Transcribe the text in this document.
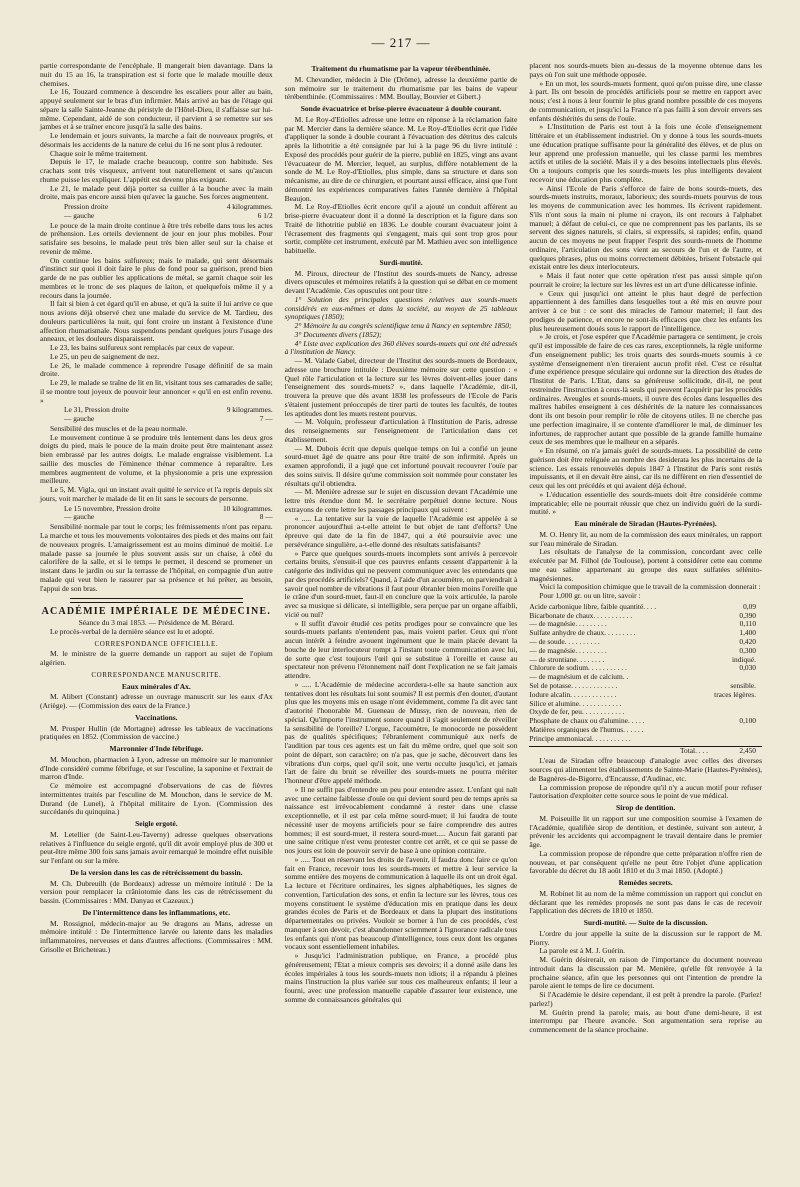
— 217 —

partie correspondante de l'encéphale. Il mangerait bien davantage. Dans la nuit du 15 au 16, la transpiration est si forte que le malade mouille deux chemises.

Le 16, Touzard commence à descendre les escaliers pour aller au bain, appuyé seulement sur le bras d'un infirmier. Mais arrivé au bas de l'étage qui sépare la salle Sainte-Jeanne du péristyle de l'Hôtel-Dieu, il s'affaisse sur lui-même. Cependant, aidé de son conducteur, il parvient à se remettre sur ses jambes et à se traîner encore jusqu'à la salle des bains.

Le lendemain et jours suivants, la marche a fait de nouveaux progrès, et désormais les accidents de la nature de celui du 16 ne sont plus à redouter.

Chaque soir le même traitement.

Depuis le 17, le malade crache beaucoup, contre son habitude. Ses crachats sont très visqueux, arrivent tout naturellement et sans qu'aucun rhume puisse les expliquer. L'appétit est devenu plus exigeant.

Le 21, le malade peut déjà porter sa cuiller à la bouche avec la main droite, mais pas encore aussi bien qu'avec la gauche. Ses forces augmentent.

Pression droite	4 kilogrammes.
— gauche	6 1/2

Le pouce de la main droite continue à être très rebelle dans tous les actes de préhension. Les orteils deviennent de jour en jour plus mobiles. Pour satisfaire ses besoins, le malade peut très bien aller seul sur la chaise et revenir de même.

On continue les bains sulfureux; mais le malade, qui sent désormais d'instinct sur quoi il doit faire le plus de fond pour sa guérison, prend bien garde de ne pas oublier les applications de métal, se garnit chaque soir les membres et le tronc de ses plaques de laiton, et quelquefois même il y a recours dans la journée.

Il fait si bien à cet égard qu'il en abuse, et qu'à la suite il lui arrive ce que nous avions déjà observé chez une malade du service de M. Tardieu, des douleurs particulières la nuit, qui font croire un instant à l'existence d'une affection rhumatismale. Nous suspendons pendant quelques jours l'usage des anneaux, et les douleurs disparaissent.

Le 23, les bains sulfureux sont remplacés par ceux de vapeur.

Le 25, un peu de saignement de nez.

Le 26, le malade commence à reprendre l'usage définitif de sa main droite.

Le 29, le malade se traîne de lit en lit, visitant tous ses camarades de salle; il se montre tout joyeux de pouvoir leur annoncer « qu'il en est enfin revenu. »

Le 31, Pression droite	9 kilogrammes.
— gauche	7 —

Sensibilité des muscles et de la peau normale.

Le mouvement continue à se produire très lentement dans les deux gros doigts du pied, mais le pouce de la main droite peut être maintenant assez bien embrassé par les autres doigts. Le malade engraisse visiblement. La saillie des muscles de l'éminence thénar commence à reparaître. Les membres augmentent de volume, et la physionomie a pris une expression meilleure.

Le 5, M. Vigla, qui un instant avait quitté le service et l'a repris depuis six jours, voit marcher le malade de lit en lit sans le secours de personne.

Le 15 novembre, Pression droite	10 kilogrammes.
— gauche	8 —

Sensibilité normale par tout le corps; les frémissements n'ont pas reparu. La marche et tous les mouvements volontaires des pieds et des mains ont fait de nouveaux progrès. L'amaigrissement est au moins diminué de moitié. Le malade passe sa journée le plus souvent assis sur un chaise, à côté du calorifère de la salle, et si le temps le permet, il descend se promener un instant dans le jardin ou sur la terrasse de l'hôpital, en compagnie d'un autre malade qui veut bien le rassurer par sa présence et lui prêter, au besoin, l'appui de son bras.

ACADÉMIE IMPÉRIALE DE MÉDECINE.
Séance du 3 mai 1853. — Présidence de M. Bérard.

Le procès-verbal de la dernière séance est lu et adopté.

CORRESPONDANCE OFFICIELLE.

M. le ministre de la guerre demande un rapport au sujet de l'opium algérien.

CORRESPONDANCE MANUSCRITE.
Eaux minérales d'Ax.

M. Alibert (Constant) adresse un ouvrage manuscrit sur les eaux d'Ax (Ariège). — (Commission des eaux de la France.)

Vaccinations.

M. Prosper Hullin (de Mortagne) adresse les tableaux de vaccinations pratiquées en 1852. (Commission de vaccine.)

Marronnier d'Inde fébrifuge.

M. Mouchon, pharmacien à Lyon, adresse un mémoire sur le marronnier d'Inde considéré comme fébrifuge, et sur l'esculine, la saponine et l'extrait de marron d'Inde.

Ce mémoire est accompagné d'observations de cas de fièvres intermittentes traités par l'esculine de M. Mouchon, dans le service de M. Durand (de Lunel), à l'hôpital militaire de Lyon. (Commission des succédanés du quinquina.)

Seigle ergoté.

M. Letellier (de Saint-Leu-Taverny) adresse quelques observations relatives à l'influence du seigle ergoté, qu'il dit avoir employé plus de 300 et peut-être même 300 fois sans jamais avoir remarqué le moindre effet nuisible sur l'enfant ou sur la mère.

De la version dans les cas de rétrécissement du bassin.

M. Ch. Dubreuilh (de Bordeaux) adresse un mémoire intitulé : De la version pour remplacer la crâniotomie dans les cas de rétrécissement du bassin. (Commissaires : MM. Danyau et Cazeaux.)

De l'intermittence dans les inflammations, etc.

M. Rossignol, médecin-major au 9e dragons au Mans, adresse un mémoire intitulé : De l'intermittence larvée ou latente dans les maladies inflammatoires, nerveuses et dans d'autres affections. (Commissaires : MM. Grisolle et Bricheteau.)

Traitement du rhumatisme par la vapeur térébenthinée.

M. Chevandier, médecin à Die (Drôme), adresse la deuxième partie de son mémoire sur le traitement du rhumatisme par les bains de vapeur térébenthinée. (Commissaires : MM. Boullay, Bouvier et Gibert.)

Sonde évacuatrice et brise-pierre évacuateur à double courant.

M. Le Roy-d'Etiolles adresse une lettre en réponse à la réclamation faite par M. Mercier dans la dernière séance. M. Le Roy-d'Etiolles écrit que l'idée d'appliquer la sonde à double courant à l'évacuation des détritus des calculs après la lithotritie a été consignée par lui à la page 96 du livre intitulé : Exposé des procédés pour guérir de la pierre, publié en 1825, vingt ans avant l'évacuateur de M. Mercier, lequel, au surplus, diffère notablement de la sonde de M. Le Roy-d'Etiolles, plus simple, dans sa structure et dans son mécanisme, au dire de ce chirurgien, et pourtant aussi efficace, ainsi que l'ont démontré les expériences comparatives faites l'année dernière à l'hôpital Beaujon.

M. Le Roy-d'Etiolles écrit encore qu'il a ajouté un conduit afférent au brise-pierre évacuateur dont il a donné la description et la figure dans son Traité de lithotritie publié en 1836. Le double courant évacuateur joint à l'écrasement des fragments qui s'engagent, mais qui sont trop gros pour sortir, complète cet instrument, exécuté par M. Mathieu avec son intelligence habituelle.

Surdi-mutité.

M. Piroux, directeur de l'Institut des sourds-muets de Nancy, adresse divers opuscules et mémoires relatifs à la question qui se débat en ce moment devant l'Académie. Ces opuscules ont pour titre :

1° Solution des principales questions relatives aux sourds-muets considérés en eux-mêmes et dans la société, au moyen de 25 tableaux synoptiques (1850);

2° Mémoire lu au congrès scientifique tenu à Nancy en septembre 1850;

3° Documents divers (1852);

4° Liste avec explication des 360 élèves sourds-muets qui ont été adressés à l'institution de Nancy.

— M. Valade Gabel, directeur de l'Institut des sourds-muets de Bordeaux, adresse une brochure intitulée : Deuxième mémoire sur cette question : « Quel rôle l'articulation et la lecture sur les lèvres doivent-elles jouer dans l'enseignement des sourds-muets? », dans laquelle l'Académie, dit-il, trouvera la preuve que dès avant 1838 les professeurs de l'Ecole de Paris s'étaient justement préoccupés de tirer parti de toutes les facultés, de toutes les aptitudes dont les muets restent pourvus.

— M. Volquin, professeur d'articulation à l'Institution de Paris, adresse des renseignements sur l'enseignement de l'articulation dans cet établissement.

— M. Dubois écrit que depuis quelque temps on lui a confié un jeune sourd-muet âgé de quatre ans pour être traité de son infirmité. Après un examen approfondi, il a jugé que cet infortuné pouvait recouvrer l'ouïe par des soins suivis. Il désire qu'une commission soit nommée pour constater les résultats qu'il obtiendra.

— M. Menière adresse sur le sujet en discussion devant l'Académie une lettre très étendue dont M. le secrétaire perpétuel donne lecture. Nous extrayons de cette lettre les passages principaux qui suivent :

« ..... La tentative sur la voie de laquelle l'Académie est appelée à se prononcer aujourd'hui a-t-elle atteint le but objet de tant d'efforts? Une épreuve qui date de la fin de 1847, qui a été poursuivie avec une persévérance singulière, a-t-elle donné des résultats satisfaisants?

» Parce que quelques sourds-muets incomplets sont arrivés à percevoir certains bruits, s'ensuit-il que ces pauvres enfants cessent d'appartenir à la catégorie des individus qui ne peuvent communiquer avec les entendants que par des procédés artificiels? Quand, à l'aide d'un acoumètre, on parviendrait à savoir quel nombre de vibrations il faut pour ébranler bien moins l'oreille que le crâne d'un sourd-muet, faut-il en conclure que la voix articulée, la parole avec sa musique si délicate, si intelligible, sera perçue par un organe affaibli, vicié ou nul?

» Il suffit d'avoir étudié ces petits prodiges pour se convaincre que les sourds-muets parlants n'entendent pas, mais voient parler. Ceux qui n'ont aucun intérêt à feindre avouent ingénument que le main placée devant la bouche de leur interlocuteur rompt à l'instant toute communication avec lui, de sorte que c'est toujours l'œil qui se substitue à l'oreille et cause au spectateur non prévenu l'étonnement naïf dont l'explication ne se fait jamais attendre.

» ..... L'Académie de médecine accordera-t-elle sa haute sanction aux tentatives dont les résultats lui sont soumis? Il est permis d'en douter, d'autant plus que les moyens mis en usage n'ont évidemment, comme l'a dit avec tant d'autorité l'honorable M. Gueneau de Mussy, rien de nouveau, rien de spécial. Qu'importe l'instrument sonore quand il s'agit seulement de réveiller la sensibilité de l'oreille? L'orgue, l'acoumètre, le monocorde ne possèdent pas de qualités spécifiques; l'ébranlement communiqué aux nerfs de l'audition par tous ces agents est un fait du même ordre, quel que soit son point de départ, son caractère; on n'a pas, que je sache, découvert dans les vibrations d'un corps, quel qu'il soit, une vertu occulte jusqu'ici, et jamais l'art de faire du bruit se réveiller des sourds-muets ne pourra mériter l'honneur d'être appelé méthode.

» Il ne suffit pas d'entendre un peu pour entendre assez. L'enfant qui naît avec une certaine faiblesse d'ouïe ou qui devient sourd peu de temps après sa naissance est irrévocablement condamné à rester dans une classe exceptionnelle, et il est par cela même sourd-muet; il lui faudra de toute nécessité user de moyens artificiels pour se faire comprendre des autres hommes; il est sourd-muet, il restera sourd-muet..... Aucun fait garanti par une saine critique n'est venu protester contre cet arrêt, et ce qui se passe de nos jours est loin de pouvoir servir de base à une opinion contraire.

» ..... Tout en réservant les droits de l'avenir, il faudra donc faire ce qu'on fait en France, recevoir tous les sourds-muets et mettre à leur service la somme entière des moyens de communication à laquelle ils ont un droit égal. La lecture et l'écriture ordinaires, les signes alphabétiques, les signes de convention, l'articulation des sons, et enfin la lecture sur les lèvres, tous ces moyens constituent le système d'éducation mis en pratique dans les deux grandes écoles de Paris et de Bordeaux et dans la plupart des institutions départementales ou privées. Vouloir se borner à l'un de ces procédés, c'est manquer à son devoir, c'est abandonner sciemment à l'ignorance radicale tous les enfants qui n'ont pas beaucoup d'intelligence, tous ceux dont les organes vocaux sont essentiellement inhabiles.

» Jusqu'ici l'administration publique, en France, a procédé plus généreusement; l'Etat a mieux compris ses devoirs; il a donné asile dans les écoles impériales à tous les sourds-muets non idiots; il a répandu à pleines mains l'instruction la plus variée sur tous ces malheureux enfants; il leur a fourni, avec une profession manuelle capable d'assurer leur existence, une somme de connaissances générales qui

placent nos sourds-muets bien au-dessus de la moyenne obtenue dans les pays où l'on suit une méthode opposée.

» En un mot, les sourds-muets forment, quoi qu'on puisse dire, une classe à part. Ils ont besoin de procédés artificiels pour se mettre en rapport avec nous; c'est à nous à leur fournir le plus grand nombre possible de ces moyens de communication, et jusqu'ici la France n'a pas failli à son devoir envers ses enfants déshérités du sens de l'ouïe.

» L'Institution de Paris est tout à la fois une école d'enseignement littéraire et un établissement industriel. On y donne à tous les sourds-muets une éducation pratique suffisante pour la généralité des élèves, et de plus on leur apprend une profession manuelle, qui les classe parmi les membres actifs et utiles de la société. Mais il y a des besoins intellectuels plus élevés. On a toujours compris que les sourds-muets les plus intelligents devaient recevoir une éducation plus complète.

» Ainsi l'Ecole de Paris s'efforce de faire de bons sourds-muets, des sourds-muets instruits, moraux, laborieux; des sourds-muets pourvus de tous les moyens de communication avec les hommes. Ils écrivent rapidement. S'ils n'ont sous la main ni plume ni crayon, ils ont recours à l'alphabet manuel; à défaut de celui-ci, ce que ne comprennent pas les parlants, ils se servent des signes naturels, si clairs, si expressifs, si rapides; enfin, quand aucun de ces moyens ne peut frapper l'esprit des sourds-muets de l'homme ordinaire, l'articulation des sons vient au secours de l'un et de l'autre, et quelques phrases, plus ou moins correctement débitées, brisent l'obstacle qui existait entre les deux interlocuteurs.

» Mais il faut noter que cette opération n'est pas aussi simple qu'on pourrait le croire; la lecture sur les lèvres est un art d'une délicatesse infinie.

» Ceux qui jusqu'ici ont atteint le plus haut degré de perfection appartiennent à des familles dans lesquelles tout a été mis en œuvre pour arriver à ce but : ce sont des miracles de l'amour maternel; il faut des prodiges de patience, et encore ne sont-ils efficaces que chez les enfants les plus heureusement doués sous le rapport de l'intelligence.

» Je crois, et j'ose espérer que l'Académie partagera ce sentiment, je crois qu'il est impossible de faire de ces cas rares, exceptionnels, la règle uniforme d'un enseignement public; les trois quarts des sourds-muets soumis à ce système d'enseignement n'en tireraient aucun profit réel. C'est ce résultat d'une expérience presque séculaire qui ordonne sur la direction des études de l'Institut de Paris. L'Etat, dans sa généreuse sollicitude, dit-il, ne peut restreindre l'instruction à ceux-là seuls qui peuvent l'acquérir par les procédés ordinaires. Aveugles et sourds-muets, il ouvre des écoles dans lesquelles des maîtres habiles enseignent à ces déshérités de la nature les connaissances dont ils ont besoin pour remplir le rôle de citoyens utiles. Il ne cherche pas une perfection imaginaire, il se contente d'améliorer le mal, de diminuer les infortunes, de rapprocher autant que possible de la grande famille humaine ceux de ses membres que le malheur en a séparés.

» En résumé, on n'a jamais guéri de sourds-muets. La possibilité de cette guérison doit être reléguée au nombre des desiderata les plus incertains de la science. Les essais renouvelés depuis 1847 à l'Institut de Paris sont restés impuissants, et il en devait être ainsi, car ils ne diffèrent en rien d'essentiel de ceux qui les ont précédés et qui avaient déjà échoué.

» L'éducation essentielle des sourds-muets doit être considérée comme impraticable; elle ne pourrait réussir que chez un individu guéri de la surdi-mutité. »

Eau minérale de Siradan (Hautes-Pyrénées).

M. O. Henry lit, au nom de la commission des eaux minérales, un rapport sur l'eau minérale de Siradan.

Les résultats de l'analyse de la commission, concordant avec celle exécutée par M. Filhol (de Toulouse), portent à considérer cette eau comme une eau saline appartenant au groupe des eaux sulfatées sélénito-magnésiennes.

Voici la composition chimique que le travail de la commission donnerait :

Pour 1,000 gr. ou un litre, savoir :

Acide carbonique libre, faible quantité. . . .	0,09
Bicarbonate de chaux. . . . . . . . . . .	0,390
— de magnésie. . . . . . . . .	0,110
Sulfate anhydre de chaux. . . . . . . . .	1,400
— de soude. . . . . . . . . .	0,420
— de magnésie. . . . . . . . .	0,300
— de strontiane. . . . . . . .	indiqué.
Chlorure de sodium. . . . . . . . . . .	0,030
— de magnésium et de calcium. .
Sel de potasse. . . . . . . . . . . . .	sensible.
Iodure alcalin. . . . . . . . . . . . .	traces légères.
Silice et alumine. . . . . . . . . . . .
Oxyde de fer, peu. . . . . . . . . . . .
Phosphate de chaux ou d'alumine. . . . .	0,100
Matières organiques de l'humus. . . . . .
Principe ammoniacal. . . . . . . . . . .
Total. . . .	2,450

L'eau de Siradan offre beaucoup d'analogie avec celles des diverses sources qui alimentent les établissements de Sainte-Marie (Hautes-Pyrénées), de Bagnères-de-Bigorre, d'Encausse, d'Audinac, etc.

La commission propose de répondre qu'il n'y a aucun motif pour refuser l'autorisation d'exploiter cette source sous le point de vue médical.

Sirop de dentition.

M. Poiseuille lit un rapport sur une composition soumise à l'examen de l'Académie, qualifiée sirop de dentition, et destinée, suivant son auteur, à prévenir les accidents qui accompagnent le travail dentaire dans le premier âge.

La commission propose de répondre que cette préparation n'offre rien de nouveau, et par conséquent qu'elle ne peut être l'objet d'une application favorable du décret du 18 août 1810 et du 3 mai 1850. (Adopté.)

Remèdes secrets.

M. Robinet lit au nom de la même commission un rapport qui conclut en déclarant que les remèdes proposés ne sont pas dans le cas de recevoir l'application des décrets de 1810 et 1850.

Surdi-mutité. — Suite de la discussion.

L'ordre du jour appelle la suite de la discussion sur le rapport de M. Piorry.

La parole est à M. J. Guérin.

M. Guérin désirerait, en raison de l'importance du document nouveau introduit dans la discussion par M. Menière, qu'elle fût renvoyée à la prochaine séance, afin que les personnes qui ont l'intention de prendre la parole aient le temps de lire ce document.

Si l'Académie le désire cependant, il est prêt à prendre la parole. (Parlez! parlez!)

M. Guérin prend la parole; mais, au bout d'une demi-heure, il est interrompu par l'heure avancée. Son argumentation sera reprise au commencement de la séance prochaine.
